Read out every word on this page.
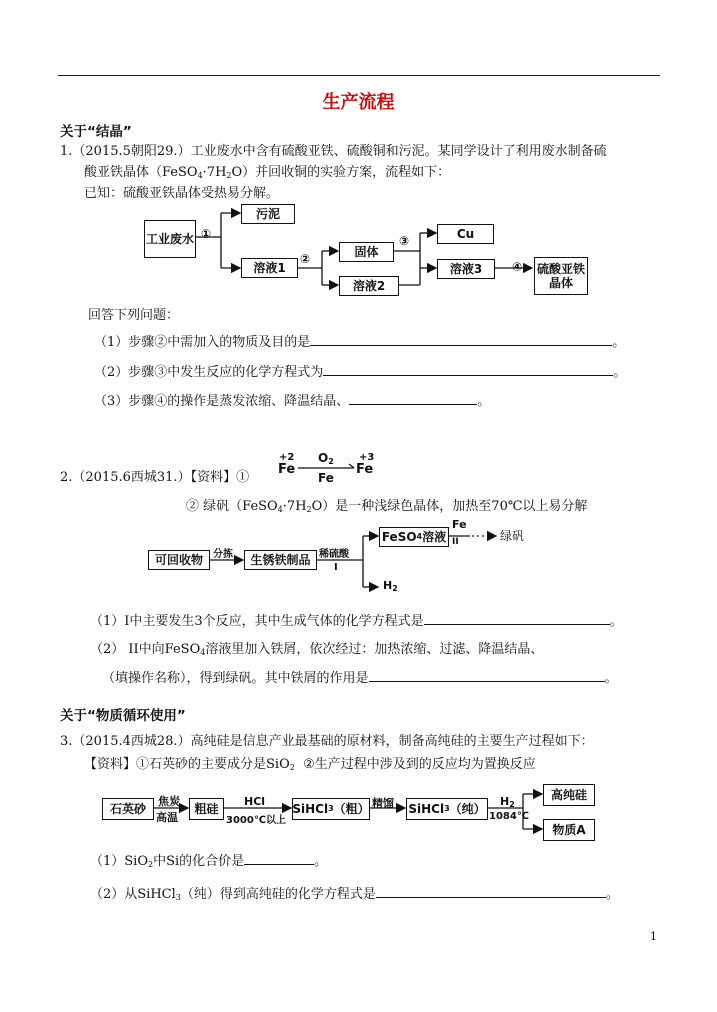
生产流程
关于“结晶”
1.（2015.5朝阳29.）工业废水中含有硫酸亚铁、硫酸铜和污泥。某同学设计了利用废水制备硫
酸亚铁晶体$(FeSO_4\cdot 7H_2O)$并回收铜的实验方案，流程如下：
已知：硫酸亚铁晶体受热易分解。
工业废水 ①
污泥
溶液1
②	固体
溶液2
③	Cu
溶液3	④ 硫酸亚铁晶体
回答下列问题：
（1）步骤②中需加入的物质及目的是	。
（2）步骤③中发生反应的化学方程式为	。
（3）步骤④的操作是蒸发浓缩、降温结晶、	。
2.（2015.6西城31.）【资料】①
+2
Fe
$O_2$
Fe
+3
Fe
② 绿矾$(FeSO_4\cdot 7H_2O)$是一种浅绿色晶体，加热至70℃以上易分解
可回收物	分拣	生锈铁制品 稀硫酸
I
FeSO 4 溶液
Fe
II	绿矾
$H_2$
（1）I中主要发生3个反应，其中生成气体的化学方程式是	。
（2） II中向FeSO$_4$溶液里加入铁屑，依次经过：加热浓缩、过滤、降温结晶、
（填操作名称），得到绿矾。其中铁屑的作用是	。
关于“物质循环使用”
3.（2015.4西城28.）高纯硅是信息产业最基础的原材料，制备高纯硅的主要生产过程如下：
【资料】①石英砂的主要成分是SiO$_2$ ②生产过程中涉及到的反应均为置换反应
石英砂
焦炭
高温
粗硅
HCl
3000℃以上
SiHCl 3 （粗） 精馏 SiHCl 3 （纯）
$H_2$
1084℃
高纯硅
物质A
（1）SiO$_2$中Si的化合价是	。
（2）从SiHCl$_3$（纯）得到高纯硅的化学方程式是	。
1
